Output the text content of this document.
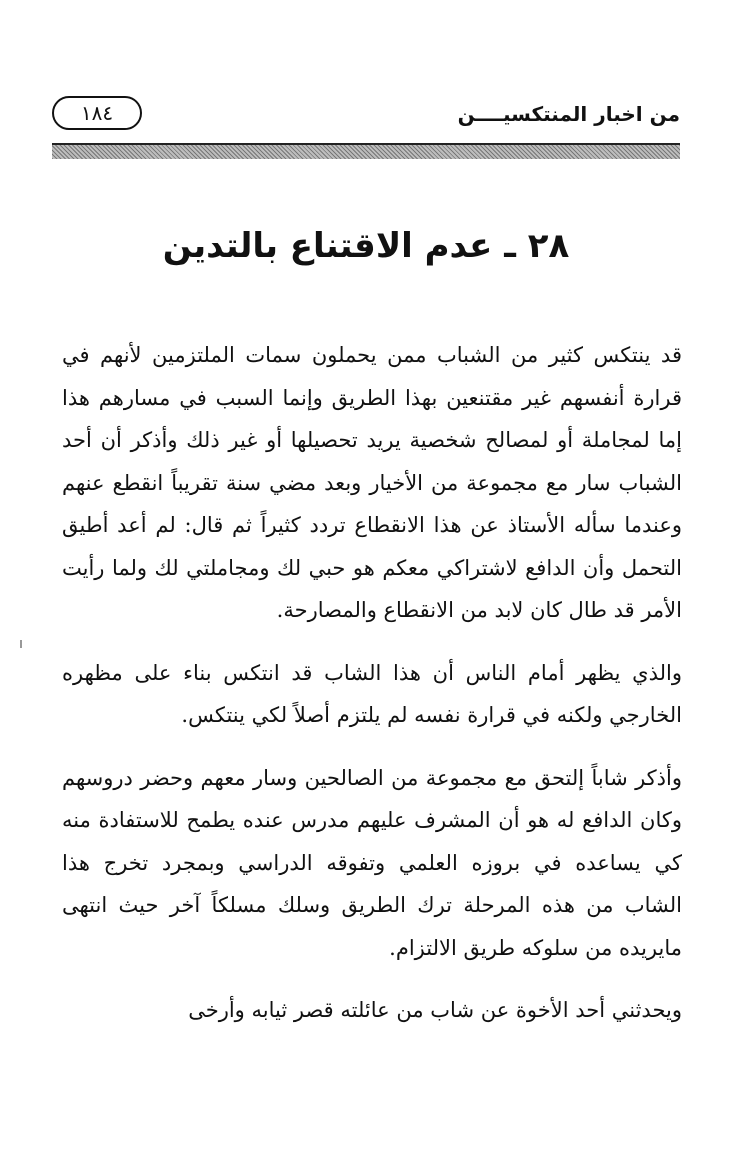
من اخبار المنتكسيــــن
١٨٤
٢٨ ـ عدم الاقتناع بالتدين

قد ينتكس كثير من الشباب ممن يحملون سمات الملتزمين لأنهم في قرارة أنفسهم غير مقتنعين بهذا الطريق وإنما السبب في مسارهم هذا إما لمجاملة أو لمصالح شخصية يريد تحصيلها أو غير ذلك وأذكر أن أحد الشباب سار مع مجموعة من الأخيار وبعد مضي سنة تقريباً انقطع عنهم وعندما سأله الأستاذ عن هذا الانقطاع تردد كثيراً ثم قال: لم أعد أطيق التحمل وأن الدافع لاشتراكي معكم هو حبي لك ومجاملتي لك ولما رأيت الأمر قد طال كان لابد من الانقطاع والمصارحة.

والذي يظهر أمام الناس أن هذا الشاب قد انتكس بناء على مظهره الخارجي ولكنه في قرارة نفسه لم يلتزم أصلاً لكي ينتكس.

وأذكر شاباً إلتحق مع مجموعة من الصالحين وسار معهم وحضر دروسهم وكان الدافع له هو أن المشرف عليهم مدرس عنده يطمح للاستفادة منه كي يساعده في بروزه العلمي وتفوقه الدراسي وبمجرد تخرج هذا الشاب من هذه المرحلة ترك الطريق وسلك مسلكاً آخر حيث انتهى مايريده من سلوكه طريق الالتزام.

ويحدثني أحد الأخوة عن شاب من عائلته قصر ثيابه وأرخى
